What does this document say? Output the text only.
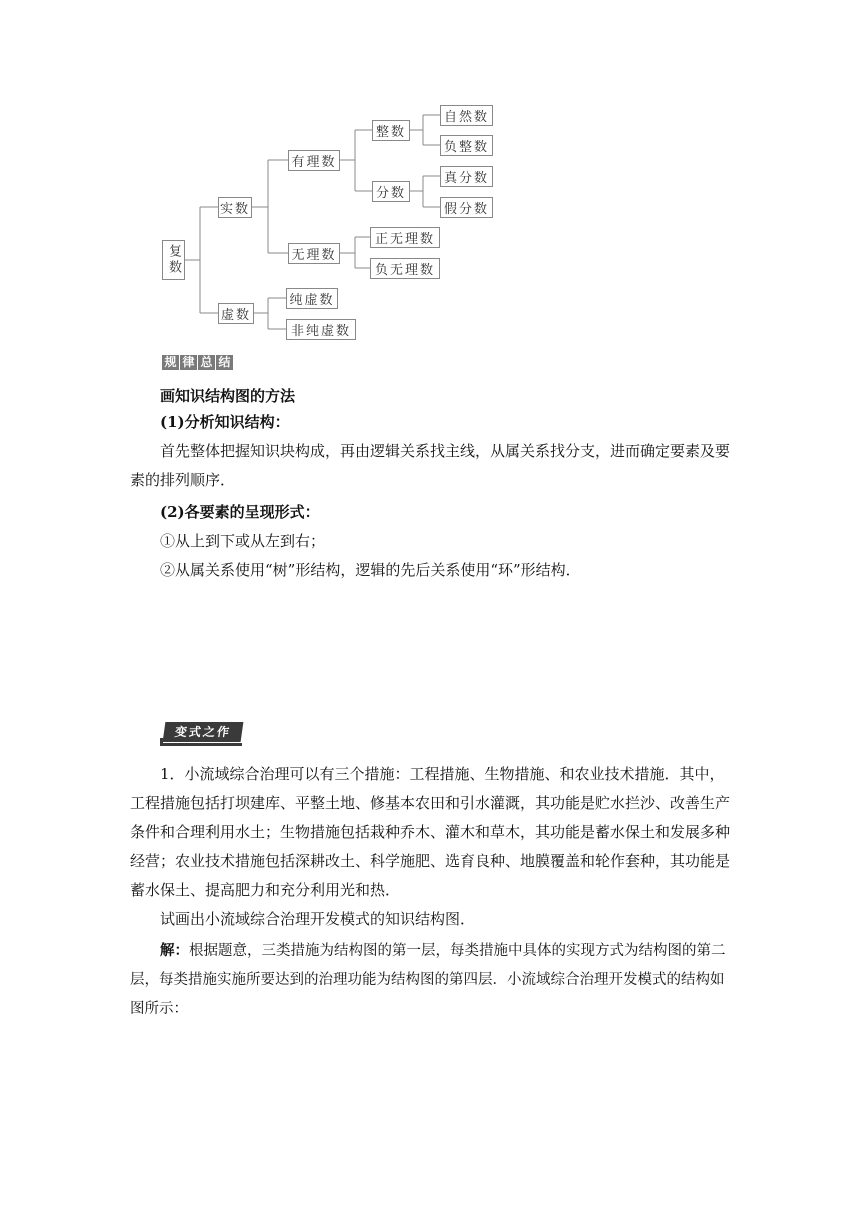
复数
实数
有理数
整数
自然数
负整数
分数
真分数
假分数
无理数
正无理数
负无理数
虚数
纯虚数
非纯虚数
规 律 总 结
画知识结构图的方法
(1)分析知识结构：
首先整体把握知识块构成，再由逻辑关系找主线，从属关系找分支，进而确定要素及要素的排列顺序．
(2)各要素的呈现形式：
①从上到下或从左到右；
②从属关系使用“树”形结构，逻辑的先后关系使用“环”形结构．
变式之作
1．小流域综合治理可以有三个措施：工程措施、生物措施、和农业技术措施．其中，工程措施包括打坝建库、平整土地、修基本农田和引水灌溉，其功能是贮水拦沙、改善生产条件和合理利用水土；生物措施包括栽种乔木、灌木和草木，其功能是蓄水保土和发展多种经营；农业技术措施包括深耕改土、科学施肥、选育良种、地膜覆盖和轮作套种，其功能是蓄水保土、提高肥力和充分利用光和热．
试画出小流域综合治理开发模式的知识结构图．
解：根据题意，三类措施为结构图的第一层，每类措施中具体的实现方式为结构图的第二层，每类措施实施所要达到的治理功能为结构图的第四层．小流域综合治理开发模式的结构如图所示：
